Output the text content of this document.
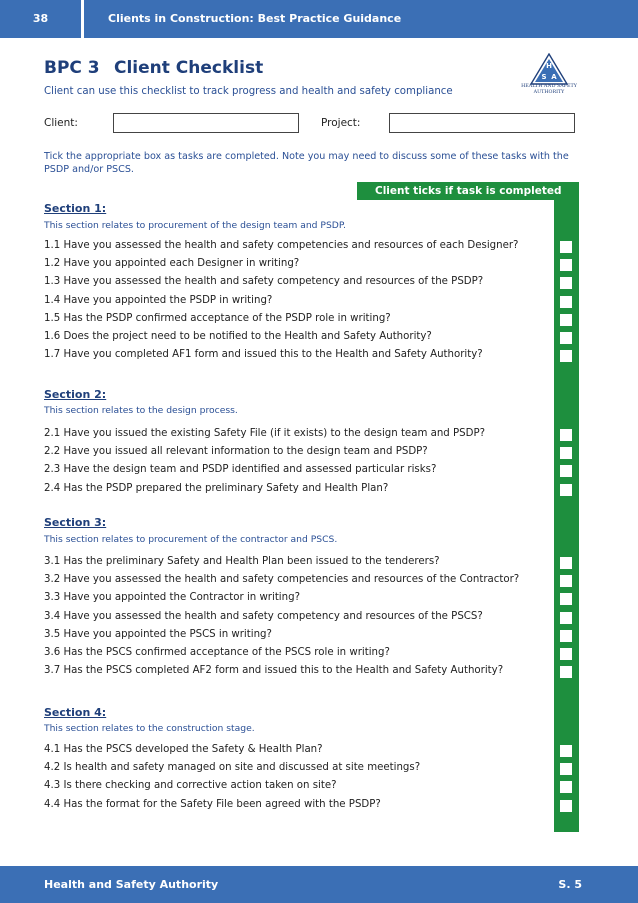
38	Clients in Construction: Best Practice Guidance
BPC 3 Client Checklist
Client can use this checklist to track progress and health and safety compliance
H
S A
HEALTH AND SAFETY
AUTHORITY
Client:	Project:
Tick the appropriate box as tasks are completed. Note you may need to discuss some of these tasks with the PSDP and/or PSCS.
Client ticks if task is completed
Section 1:
This section relates to procurement of the design team and PSDP.
1.1 Have you assessed the health and safety competencies and resources of each Designer?
1.2 Have you appointed each Designer in writing?
1.3 Have you assessed the health and safety competency and resources of the PSDP?
1.4 Have you appointed the PSDP in writing?
1.5 Has the PSDP confirmed acceptance of the PSDP role in writing?
1.6 Does the project need to be notified to the Health and Safety Authority?
1.7 Have you completed AF1 form and issued this to the Health and Safety Authority?
Section 2:
This section relates to the design process.
2.1 Have you issued the existing Safety File (if it exists) to the design team and PSDP?
2.2 Have you issued all relevant information to the design team and PSDP?
2.3 Have the design team and PSDP identified and assessed particular risks?
2.4 Has the PSDP prepared the preliminary Safety and Health Plan?
Section 3:
This section relates to procurement of the contractor and PSCS.
3.1 Has the preliminary Safety and Health Plan been issued to the tenderers?
3.2 Have you assessed the health and safety competencies and resources of the Contractor?
3.3 Have you appointed the Contractor in writing?
3.4 Have you assessed the health and safety competency and resources of the PSCS?
3.5 Have you appointed the PSCS in writing?
3.6 Has the PSCS confirmed acceptance of the PSCS role in writing?
3.7 Has the PSCS completed AF2 form and issued this to the Health and Safety Authority?
Section 4:
This section relates to the construction stage.
4.1 Has the PSCS developed the Safety & Health Plan?
4.2 Is health and safety managed on site and discussed at site meetings?
4.3 Is there checking and corrective action taken on site?
4.4 Has the format for the Safety File been agreed with the PSDP?
Health and Safety Authority	S. 5
